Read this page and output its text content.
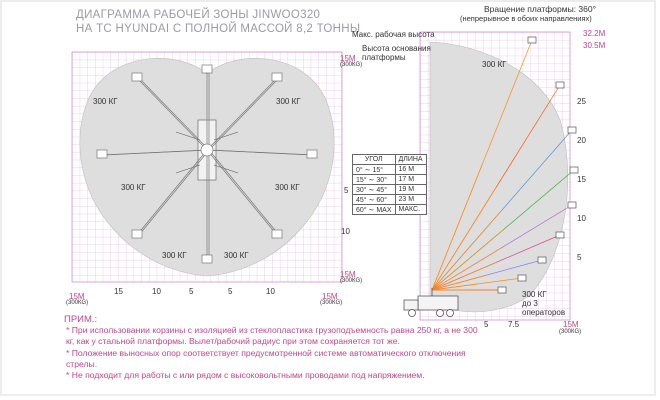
ДИАГРАММА РАБОЧЕЙ ЗОНЫ JINWOO320
НА ТС HYUNDAI С ПОЛНОЙ МАССОЙ 8,2 ТОННЫ
300 КГ	300 КГ
300 КГ	300 КГ
300 КГ	300 КГ
15M
(300КG)
15M
(300КG)
15M
(300КG)
15M
(300КG)
15	10	5	5	10
10
5
Вращение платформы: 360°
(непрерывное в обоих направлениях)
Макс. рабочая высота
Высота основания платформы
32.2M
30.5M
25
20
15
10
5
5 7.5	15M
(300КG)
300 КГ
300 КГ
до 3
операторов
УГОЛ	ДЛИНА
0° ∼ 15°	16 M
15° ∼ 30°	17 M
30° ∼ 45°	19 M
45° ∼ 60°	23 M
60° ∼ MAX	МАКС.
ПРИМ.:
* При использовании корзины с изоляцией из стеклопластика грузоподъемность равна 250 кг, а не 300 кг, как у стальной платформы. Вылет/рабочий радиус при этом сохраняется тот же.
* Положение выносных опор соответствует предусмотренной системе автоматического отключения стрелы.
* Не подходит для работы с или рядом с высоковольтными проводами под напряжением.
